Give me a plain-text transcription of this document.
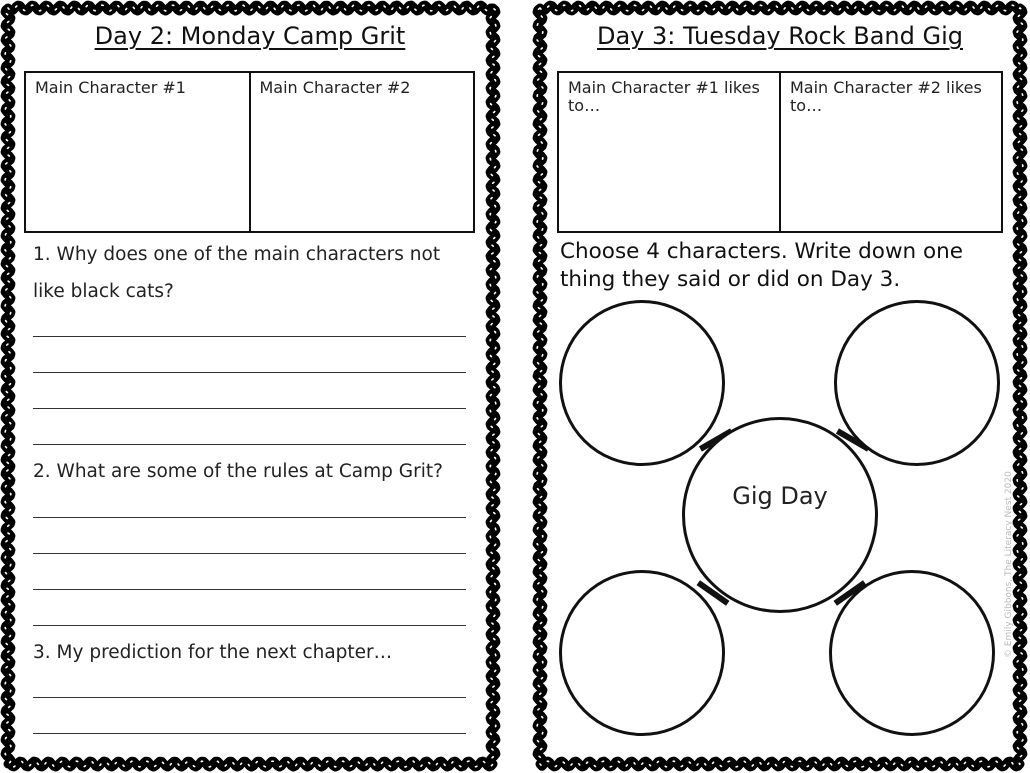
Day 2: Monday Camp Grit
Main Character #1	Main Character #2

1. Why does one of the main characters not like black cats?

2. What are some of the rules at Camp Grit?

3. My prediction for the next chapter…

Day 3: Tuesday Rock Band Gig
Main Character #1 likes to…
Main Character #2 likes to…

Choose 4 characters. Write down one thing they said or did on Day 3.

Gig Day	© Emily Gibbons, The Literacy Nest 2020
